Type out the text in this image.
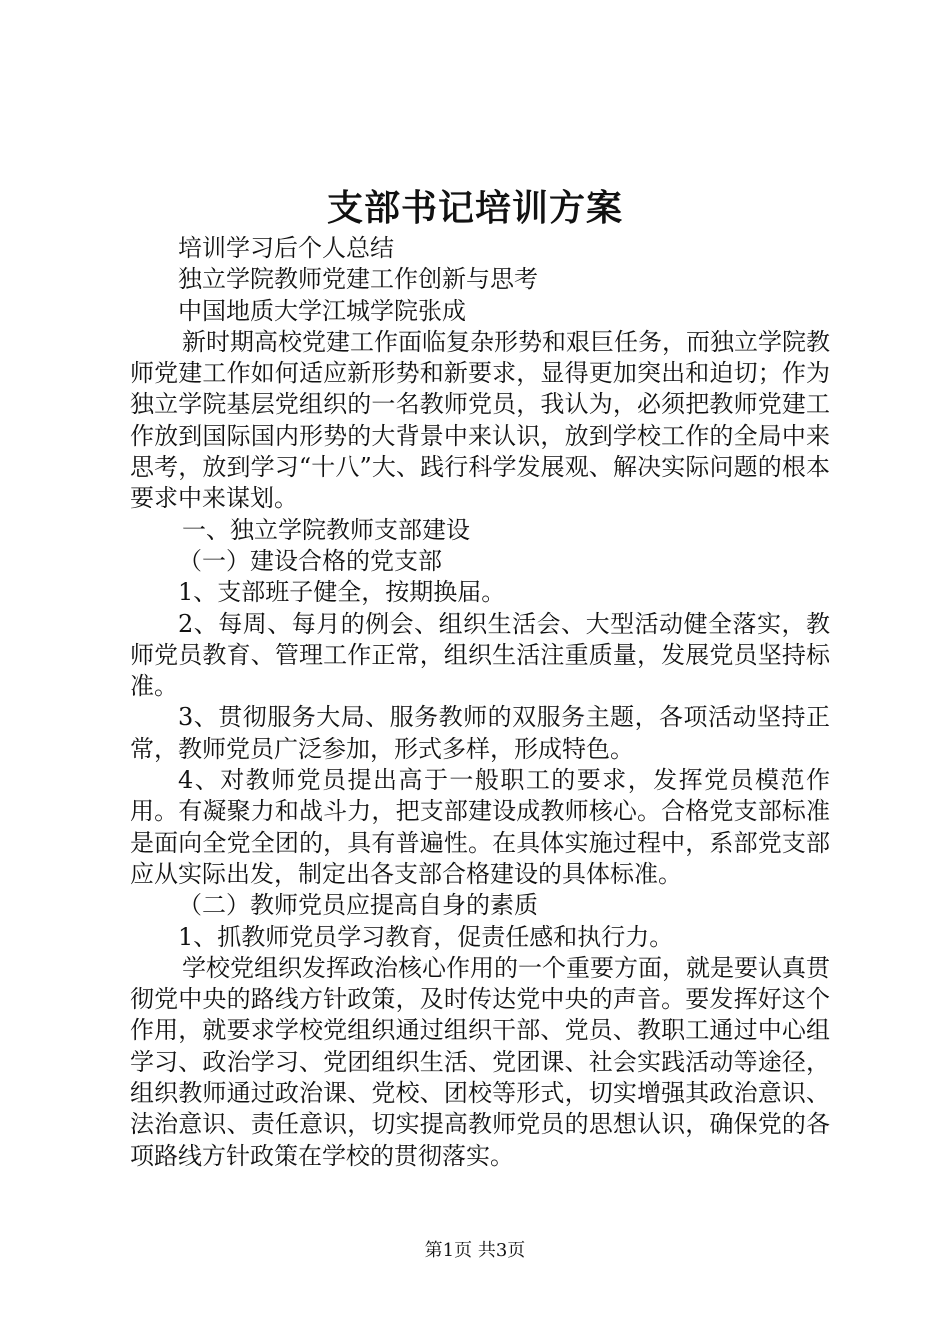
支部书记培训方案

培训学习后个人总结

独立学院教师党建工作创新与思考

中国地质大学江城学院张成

新时期高校党建工作面临复杂形势和艰巨任务，而独立学院教师党建工作如何适应新形势和新要求，显得更加突出和迫切；作为独立学院基层党组织的一名教师党员，我认为，必须把教师党建工作放到国际国内形势的大背景中来认识，放到学校工作的全局中来思考，放到学习“十八”大、践行科学发展观、解决实际问题的根本要求中来谋划。

一、独立学院教师支部建设

（一）建设合格的党支部

1、支部班子健全，按期换届。

2、每周、每月的例会、组织生活会、大型活动健全落实，教师党员教育、管理工作正常，组织生活注重质量，发展党员坚持标准。

3、贯彻服务大局、服务教师的双服务主题，各项活动坚持正常，教师党员广泛参加，形式多样，形成特色。

4、对教师党员提出高于一般职工的要求，发挥党员模范作用。有凝聚力和战斗力，把支部建设成教师核心。合格党支部标准是面向全党全团的，具有普遍性。在具体实施过程中，系部党支部应从实际出发，制定出各支部合格建设的具体标准。

（二）教师党员应提高自身的素质

1、抓教师党员学习教育，促责任感和执行力。

学校党组织发挥政治核心作用的一个重要方面，就是要认真贯彻党中央的路线方针政策，及时传达党中央的声音。要发挥好这个作用，就要求学校党组织通过组织干部、党员、教职工通过中心组学习、政治学习、党团组织生活、党团课、社会实践活动等途径，组织教师通过政治课、党校、团校等形式，切实增强其政治意识、法治意识、责任意识，切实提高教师党员的思想认识，确保党的各项路线方针政策在学校的贯彻落实。

第1页 共3页
